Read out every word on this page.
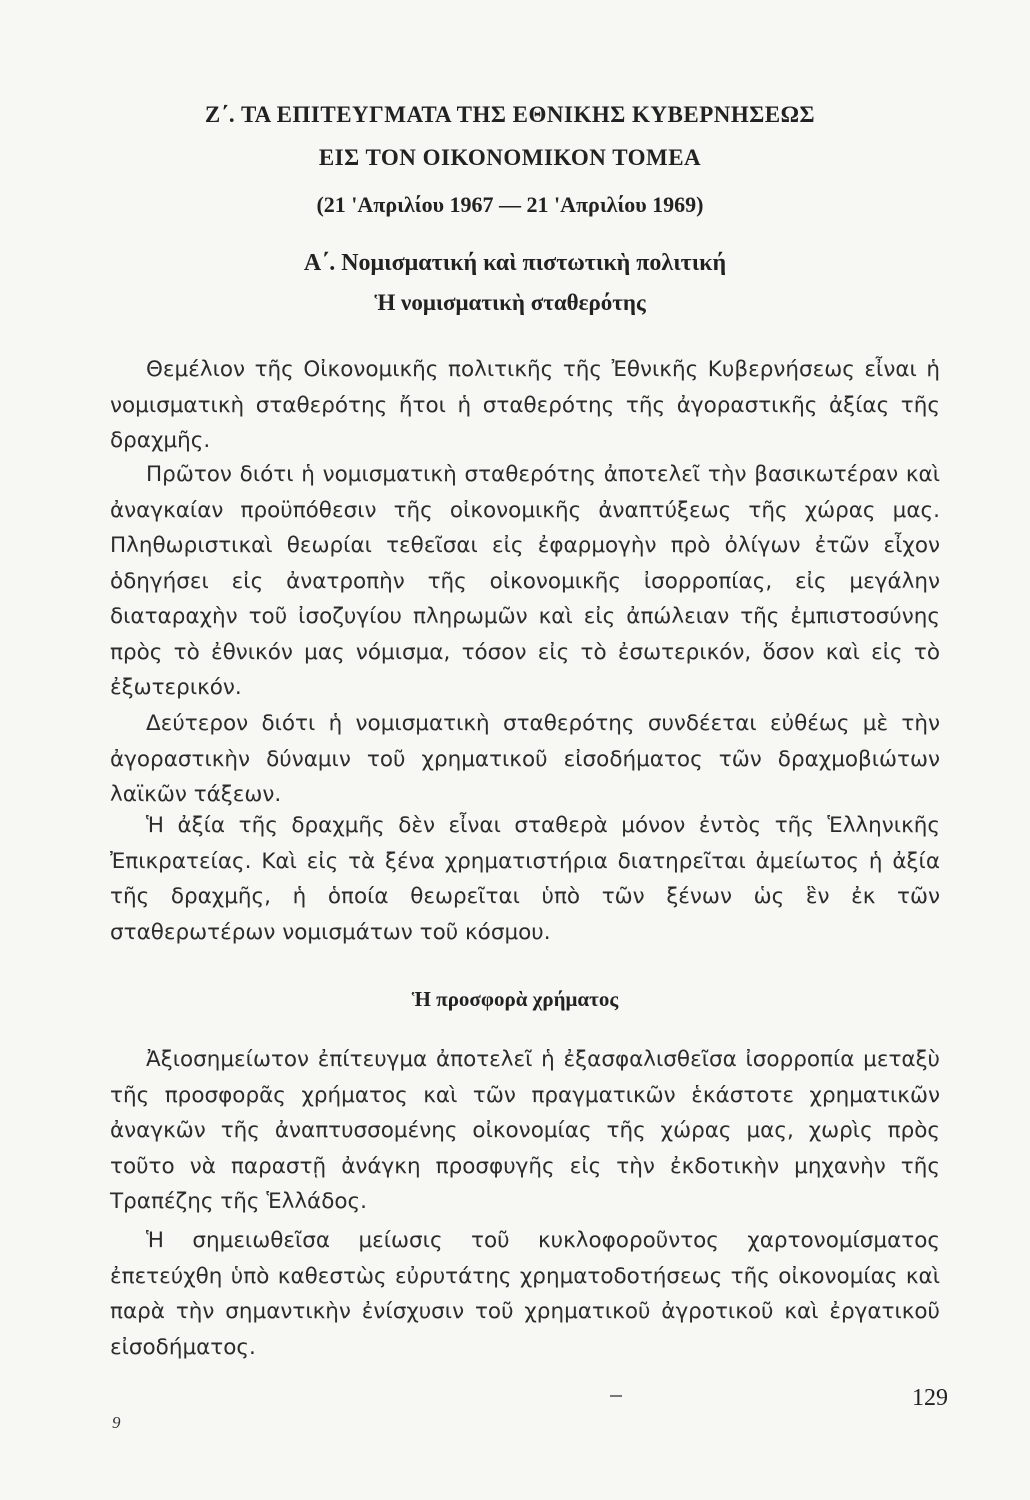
Ζ΄. ΤΑ ΕΠΙΤΕΥΓΜΑΤΑ ΤΗΣ ΕΘΝΙΚΗΣ ΚΥΒΕΡΝΗΣΕΩΣ
ΕΙΣ ΤΟΝ ΟΙΚΟΝΟΜΙΚΟΝ ΤΟΜΕΑ
(21 'Απριλίου 1967 — 21 'Απριλίου 1969)
Α΄. Νομισματική καὶ πιστωτικὴ πολιτική
Ἡ νομισματικὴ σταθερότης

Θεμέλιον τῆς Οἰκονομικῆς πολιτικῆς τῆς Ἐθνικῆς Κυβερνήσεως εἶναι ἡ νομισματικὴ σταθερότης ἤτοι ἡ σταθερότης τῆς ἀγοραστικῆς ἀξίας τῆς δραχμῆς.

Πρῶτον διότι ἡ νομισματικὴ σταθερότης ἀποτελεῖ τὴν βασικωτέραν καὶ ἀναγκαίαν προϋπόθεσιν τῆς οἰκονομικῆς ἀναπτύξεως τῆς χώρας μας. Πληθωριστικαὶ θεωρίαι τεθεῖσαι εἰς ἐφαρμογὴν πρὸ ὀλίγων ἐτῶν εἶχον ὁδηγήσει εἰς ἀνατροπὴν τῆς οἰκονομικῆς ἰσορροπίας, εἰς μεγάλην διαταραχὴν τοῦ ἰσοζυγίου πληρωμῶν καὶ εἰς ἀπώλειαν τῆς ἐμπιστοσύνης πρὸς τὸ ἐθνικόν μας νόμισμα, τόσον εἰς τὸ ἐσωτερικόν, ὅσον καὶ εἰς τὸ ἐξωτερικόν.

Δεύτερον διότι ἡ νομισματικὴ σταθερότης συνδέεται εὐθέως μὲ τὴν ἀγοραστικὴν δύναμιν τοῦ χρηματικοῦ εἰσοδήματος τῶν δραχμοβιώτων λαϊκῶν τάξεων.

Ἡ ἀξία τῆς δραχμῆς δὲν εἶναι σταθερὰ μόνον ἐντὸς τῆς Ἑλληνικῆς Ἐπικρατείας. Καὶ εἰς τὰ ξένα χρηματιστήρια διατηρεῖται ἀμείωτος ἡ ἀξία τῆς δραχμῆς, ἡ ὁποία θεωρεῖται ὑπὸ τῶν ξένων ὡς ἓν ἐκ τῶν σταθερωτέρων νομισμάτων τοῦ κόσμου.

Ἡ προσφορὰ χρήματος

Ἀξιοσημείωτον ἐπίτευγμα ἀποτελεῖ ἡ ἐξασφαλισθεῖσα ἰσορροπία μεταξὺ τῆς προσφορᾶς χρήματος καὶ τῶν πραγματικῶν ἑκάστοτε χρηματικῶν ἀναγκῶν τῆς ἀναπτυσσομένης οἰκονομίας τῆς χώρας μας, χωρὶς πρὸς τοῦτο νὰ παραστῇ ἀνάγκη προσφυγῆς εἰς τὴν ἐκδοτικὴν μηχανὴν τῆς Τραπέζης τῆς Ἑλλάδος.

Ἡ σημειωθεῖσα μείωσις τοῦ κυκλοφοροῦντος χαρτονομίσματος ἐπετεύχθη ὑπὸ καθεστὼς εὐρυτάτης χρηματοδοτήσεως τῆς οἰκονομίας καὶ παρὰ τὴν σημαντικὴν ἐνίσχυσιν τοῦ χρηματικοῦ ἀγροτικοῦ καὶ ἐργατικοῦ εἰσοδήματος.

129
9
